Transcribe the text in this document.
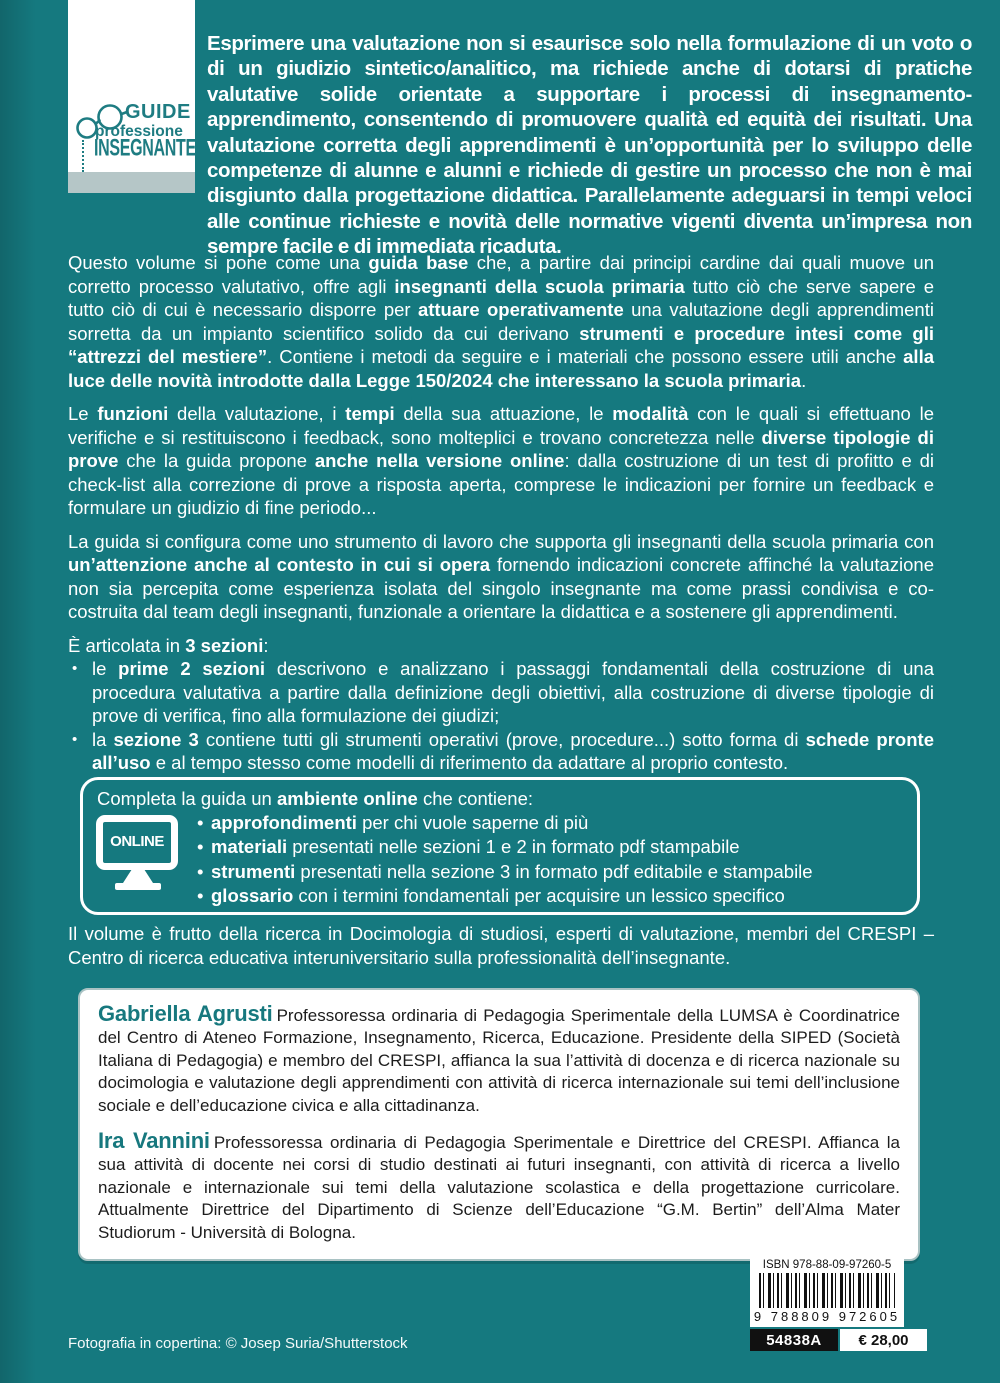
GUIDE
professione
INSEGNANTE
Esprimere una valutazione non si esaurisce solo nella formulazione di un voto o di un giudizio sintetico/analitico, ma richiede anche di dotarsi di pratiche valutative solide orientate a supportare i processi di insegnamento-apprendimento, consentendo di promuovere qualità ed equità dei risultati. Una valutazione corretta degli apprendimenti è un’opportunità per lo sviluppo delle competenze di alunne e alunni e richiede di gestire un processo che non è mai disgiunto dalla progettazione didattica. Parallelamente adeguarsi in tempi veloci alle continue richieste e novità delle normative vigenti diventa un’impresa non sempre facile e di immediata ricaduta.

Questo volume si pone come una guida base che, a partire dai principi cardine dai quali muove un corretto processo valutativo, offre agli insegnanti della scuola primaria tutto ciò che serve sapere e tutto ciò di cui è necessario disporre per attuare operativamente una valutazione degli apprendimenti sorretta da un impianto scientifico solido da cui derivano strumenti e procedure intesi come gli “attrezzi del mestiere”. Contiene i metodi da seguire e i materiali che possono essere utili anche alla luce delle novità introdotte dalla Legge 150/2024 che interessano la scuola primaria.

Le funzioni della valutazione, i tempi della sua attuazione, le modalità con le quali si effettuano le verifiche e si restituiscono i feedback, sono molteplici e trovano concretezza nelle diverse tipologie di prove che la guida propone anche nella versione online: dalla costruzione di un test di profitto e di check-list alla correzione di prove a risposta aperta, comprese le indicazioni per fornire un feedback e formulare un giudizio di fine periodo...

La guida si configura come uno strumento di lavoro che supporta gli insegnanti della scuola primaria con un’attenzione anche al contesto in cui si opera fornendo indicazioni concrete affinché la valutazione non sia percepita come esperienza isolata del singolo insegnante ma come prassi condivisa e co-costruita dal team degli insegnanti, funzionale a orientare la didattica e a sostenere gli apprendimenti.

È articolata in 3 sezioni:

• le prime 2 sezioni descrivono e analizzano i passaggi fondamentali della costruzione di una procedura valutativa a partire dalla definizione degli obiettivi, alla costruzione di diverse tipologie di prove di verifica, fino alla formulazione dei giudizi;
• la sezione 3 contiene tutti gli strumenti operativi (prove, procedure...) sotto forma di schede pronte all’uso e al tempo stesso come modelli di riferimento da adattare al proprio contesto.
ONLINE

Completa la guida un ambiente online che contiene:

• approfondimenti per chi vuole saperne di più
• materiali presentati nelle sezioni 1 e 2 in formato pdf stampabile
• strumenti presentati nella sezione 3 in formato pdf editabile e stampabile
• glossario con i termini fondamentali per acquisire un lessico specifico
Il volume è frutto della ricerca in Docimologia di studiosi, esperti di valutazione, membri del CRESPI – Centro di ricerca educativa interuniversitario sulla professionalità dell’insegnante.

Gabriella Agrusti Professoressa ordinaria di Pedagogia Sperimentale della LUMSA è Coordinatrice del Centro di Ateneo Formazione, Insegnamento, Ricerca, Educazione. Presidente della SIPED (Società Italiana di Pedagogia) e membro del CRESPI, affianca la sua l’attività di docenza e di ricerca nazionale su docimologia e valutazione degli apprendimenti con attività di ricerca internazionale sui temi dell’inclusione sociale e dell’educazione civica e alla cittadinanza.

Ira Vannini Professoressa ordinaria di Pedagogia Sperimentale e Direttrice del CRESPI. Affianca la sua attività di docente nei corsi di studio destinati ai futuri insegnanti, con attività di ricerca a livello nazionale e internazionale sui temi della valutazione scolastica e della progettazione curricolare. Attualmente Direttrice del Dipartimento di Scienze dell’Educazione “G.M. Bertin” dell’Alma Mater Studiorum - Università di Bologna.

ISBN 978-88-09-97260-5
9 788809 972605
54838A	€ 28,00
Fotografia in copertina: © Josep Suria/Shutterstock
